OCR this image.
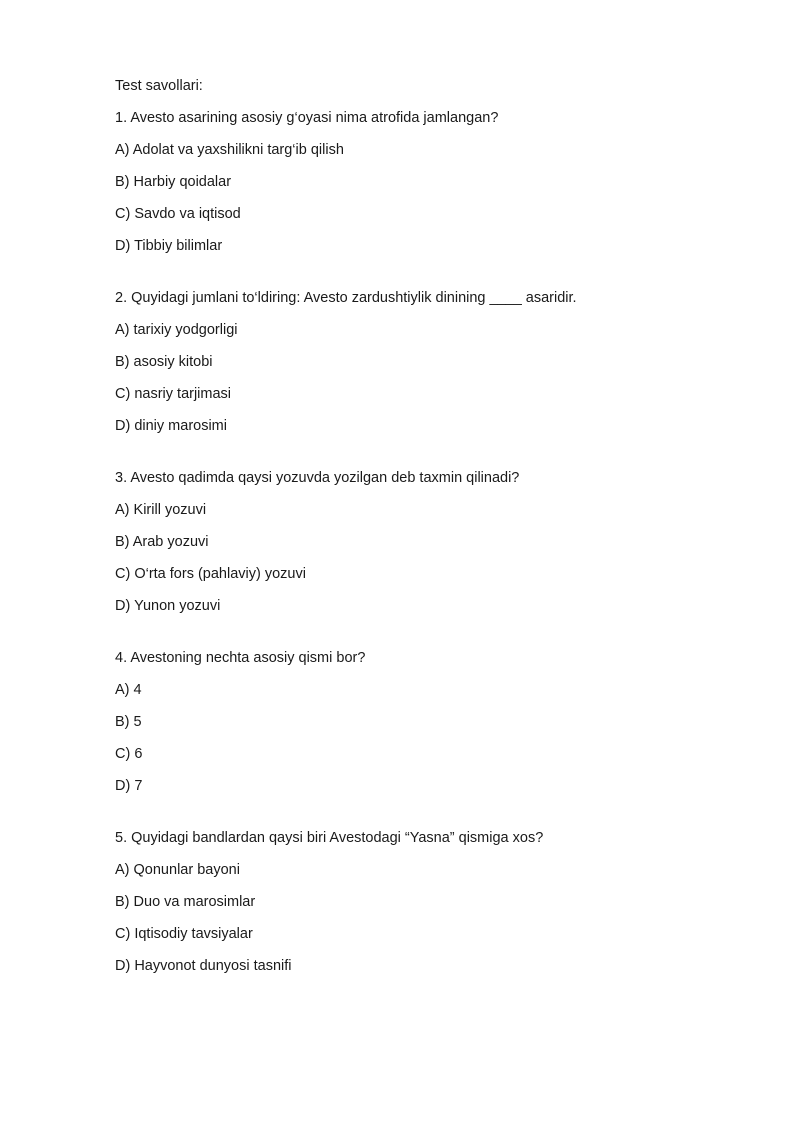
Test savollari:
1. Avesto asarining asosiy g‘oyasi nima atrofida jamlangan?
A) Adolat va yaxshilikni targ‘ib qilish
B) Harbiy qoidalar
C) Savdo va iqtisod
D) Tibbiy bilimlar
2. Quyidagi jumlani to‘ldiring: Avesto zardushtiylik dinining ____ asaridir.
A) tarixiy yodgorligi
B) asosiy kitobi
C) nasriy tarjimasi
D) diniy marosimi
3. Avesto qadimda qaysi yozuvda yozilgan deb taxmin qilinadi?
A) Kirill yozuvi
B) Arab yozuvi
C) O‘rta fors (pahlaviy) yozuvi
D) Yunon yozuvi
4. Avestoning nechta asosiy qismi bor?
A) 4
B) 5
C) 6
D) 7
5. Quyidagi bandlardan qaysi biri Avestodagi “Yasna” qismiga xos?
A) Qonunlar bayoni
B) Duo va marosimlar
C) Iqtisodiy tavsiyalar
D) Hayvonot dunyosi tasnifi
